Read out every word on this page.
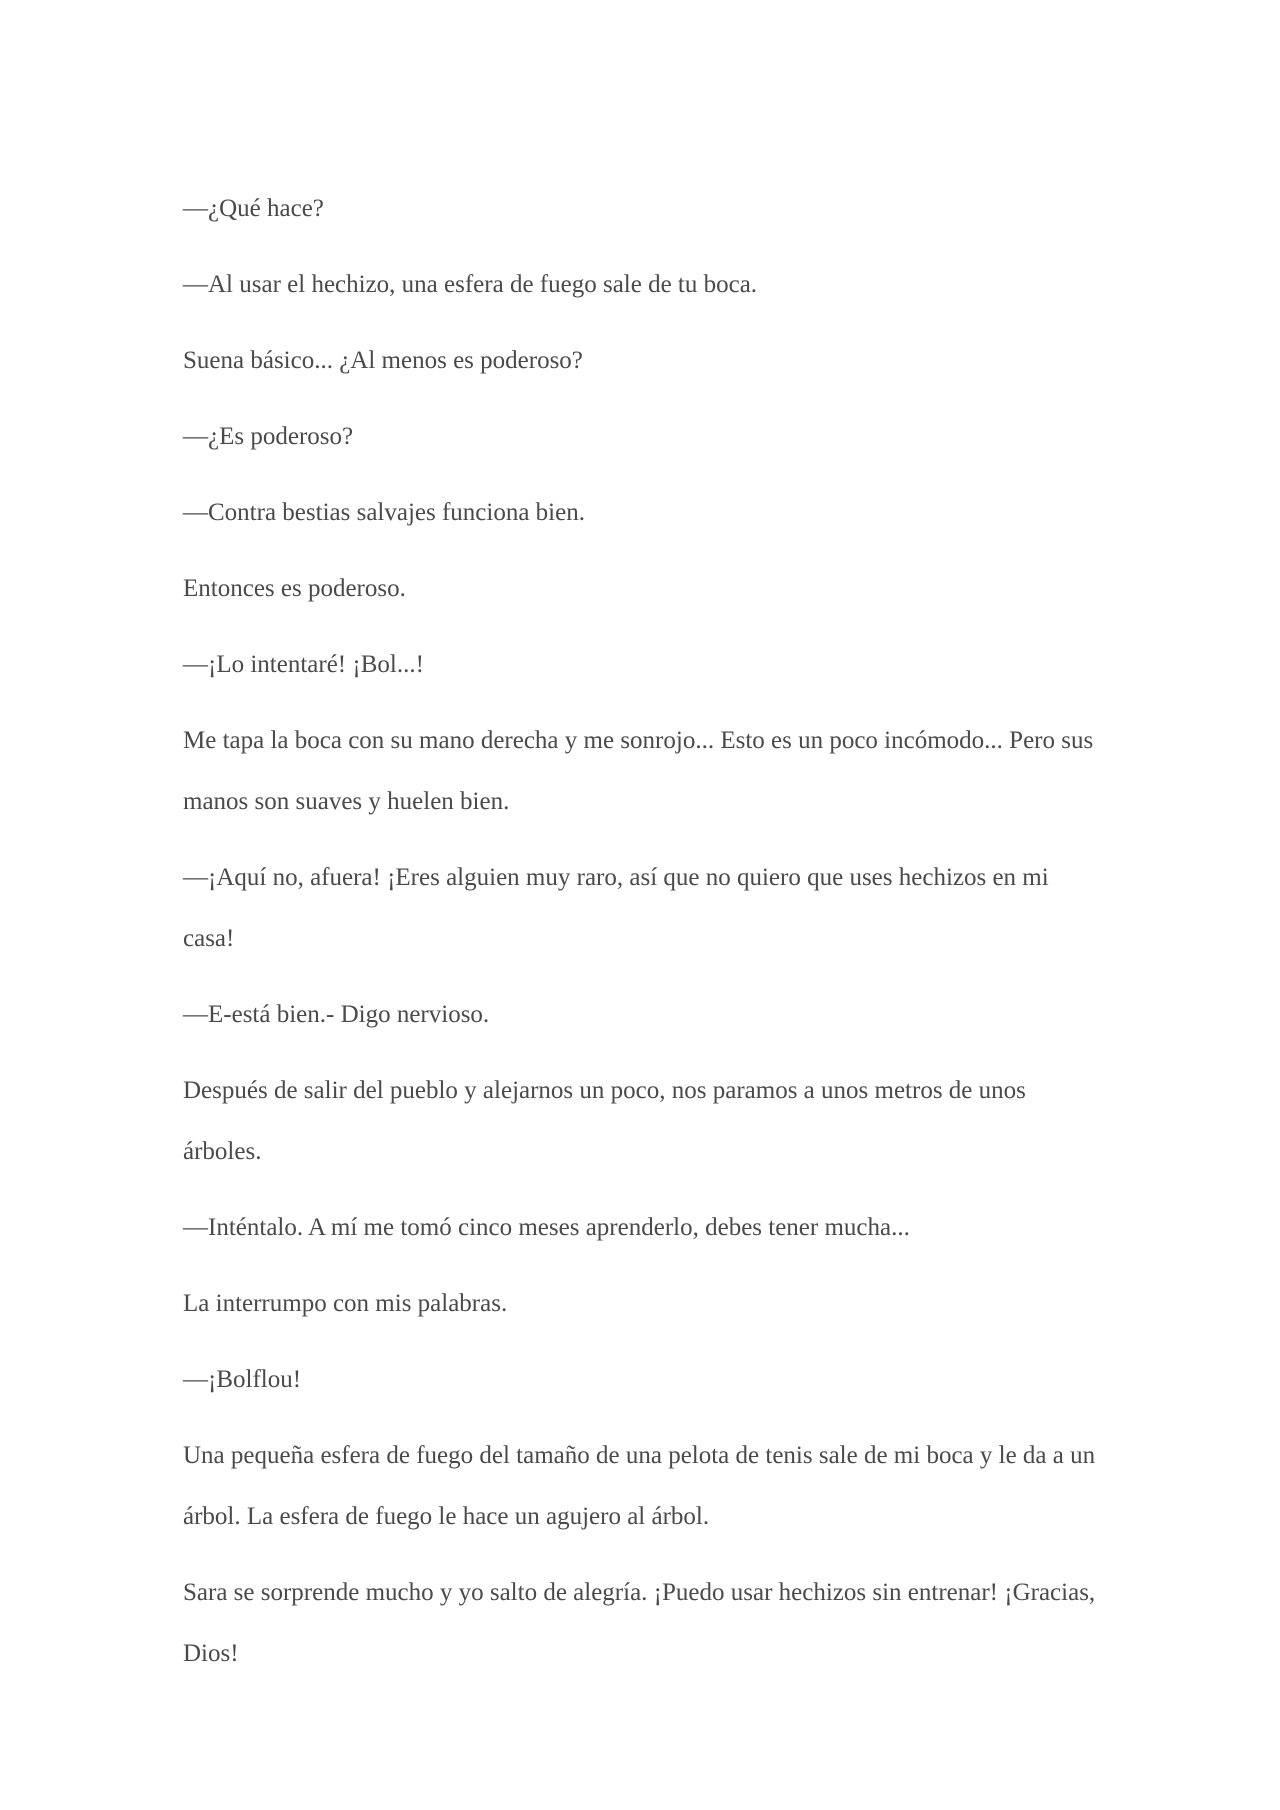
—¿Qué hace?

—Al usar el hechizo, una esfera de fuego sale de tu boca.

Suena básico... ¿Al menos es poderoso?

—¿Es poderoso?

—Contra bestias salvajes funciona bien.

Entonces es poderoso.

—¡Lo intentaré! ¡Bol...!

Me tapa la boca con su mano derecha y me sonrojo... Esto es un poco incómodo... Pero sus manos son suaves y huelen bien.

—¡Aquí no, afuera! ¡Eres alguien muy raro, así que no quiero que uses hechizos en mi casa!

—E-está bien.- Digo nervioso.

Después de salir del pueblo y alejarnos un poco, nos paramos a unos metros de unos árboles.

—Inténtalo. A mí me tomó cinco meses aprenderlo, debes tener mucha...

La interrumpo con mis palabras.

—¡Bolflou!

Una pequeña esfera de fuego del tamaño de una pelota de tenis sale de mi boca y le da a un árbol. La esfera de fuego le hace un agujero al árbol.

Sara se sorprende mucho y yo salto de alegría. ¡Puedo usar hechizos sin entrenar! ¡Gracias, Dios!
